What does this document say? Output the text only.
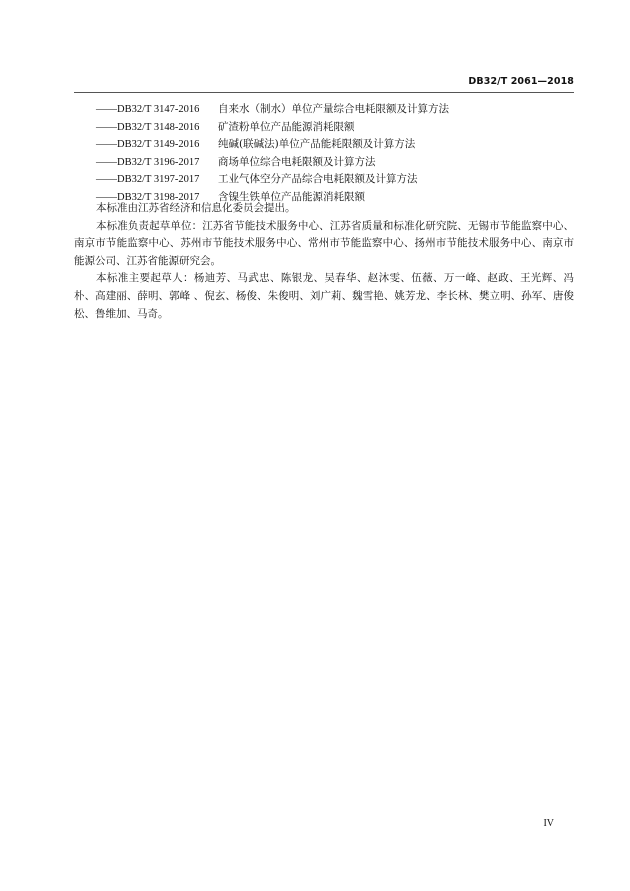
DB32/T 2061—2018
——DB32/T 3147-2016	自来水（制水）单位产量综合电耗限额及计算方法
——DB32/T 3148-2016	矿渣粉单位产品能源消耗限额
——DB32/T 3149-2016	纯碱(联碱法)单位产品能耗限额及计算方法
——DB32/T 3196-2017	商场单位综合电耗限额及计算方法
——DB32/T 3197-2017	工业气体空分产品综合电耗限额及计算方法
——DB32/T 3198-2017	含镍生铁单位产品能源消耗限额

本标准由江苏省经济和信息化委员会提出。

本标准负责起草单位：江苏省节能技术服务中心、江苏省质量和标准化研究院、无锡市节能监察中心、南京市节能监察中心、苏州市节能技术服务中心、常州市节能监察中心、扬州市节能技术服务中心、南京市能源公司、江苏省能源研究会。

本标准主要起草人：杨迪芳、马武忠、陈银龙、吴春华、赵沐雯、伍薇、万一峰、赵政、王光辉、冯朴、高建丽、薛明、郭峰 、倪玄、杨俊、朱俊明、刘广莉、魏雪艳、姚芳龙、李长林、樊立明、孙军、唐俊松、鲁维加、马奇。

IV
